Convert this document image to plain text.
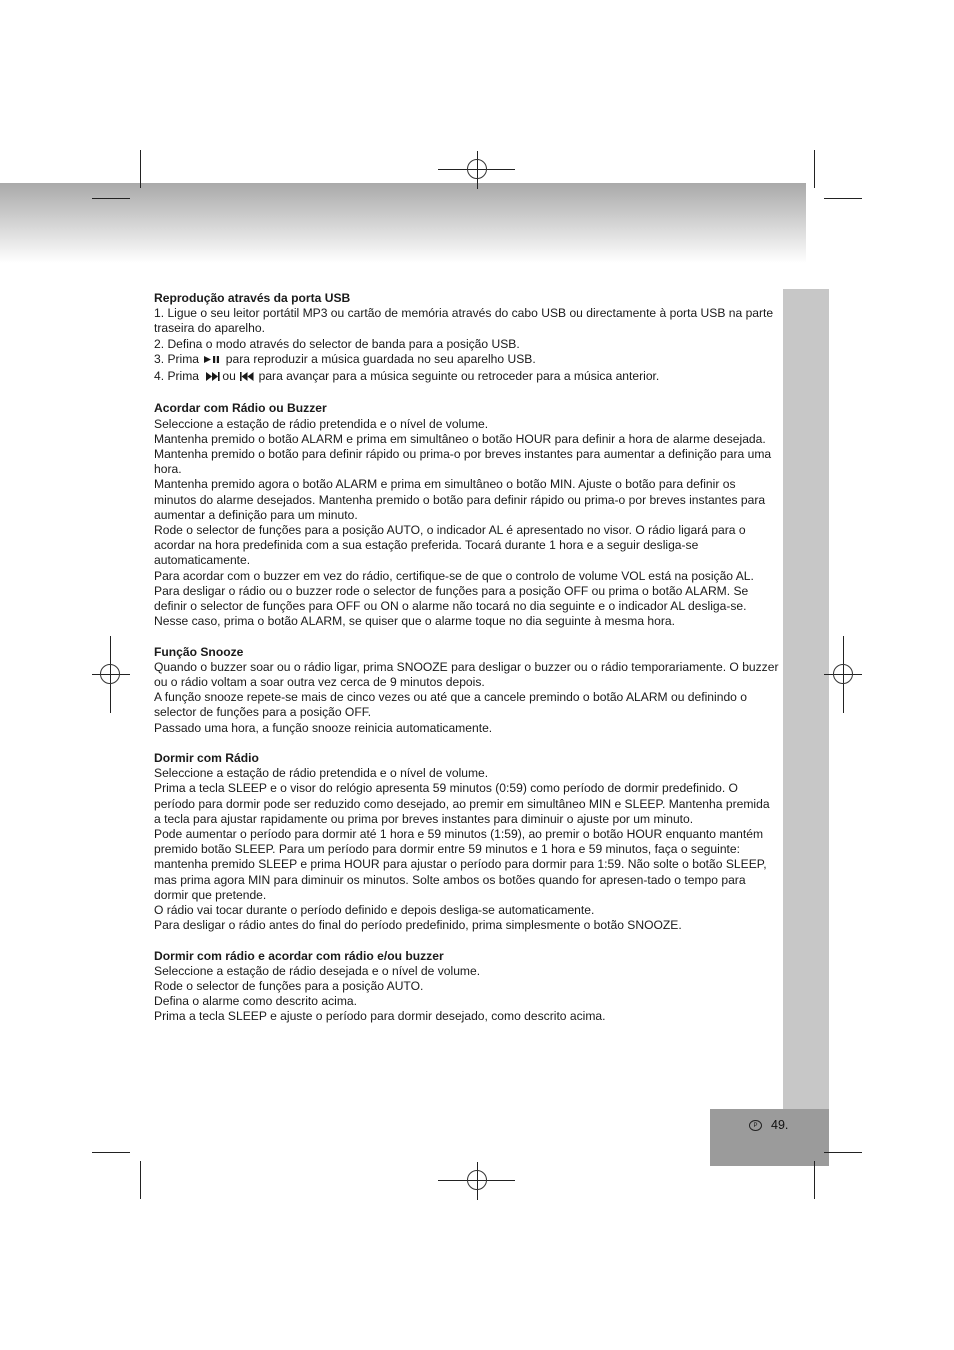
Reprodução através da porta USB

1. Ligue o seu leitor portátil MP3 ou cartão de memória através do cabo USB ou directamente à porta USB na parte traseira do aparelho.

2. Defina o modo através do selector de banda para a posição USB.

3. Prima para reproduzir a música guardada no seu aparelho USB.

4. Prima ou para avançar para a música seguinte ou retroceder para a música anterior.

Acordar com Rádio ou Buzzer

Seleccione a estação de rádio pretendida e o nível de volume.

Mantenha premido o botão ALARM e prima em simultâneo o botão HOUR para definir a hora de alarme desejada. Mantenha premido o botão para definir rápido ou prima-o por breves instantes para aumentar a definição para uma hora.

Mantenha premido agora o botão ALARM e prima em simultâneo o botão MIN. Ajuste o botão para definir os minutos do alarme desejados. Mantenha premido o botão para definir rápido ou prima-o por breves instantes para aumentar a definição para um minuto.

Rode o selector de funções para a posição AUTO, o indicador AL é apresentado no visor. O rádio ligará para o acordar na hora predefinida com a sua estação preferida. Tocará durante 1 hora e a seguir desliga-se automaticamente.

Para acordar com o buzzer em vez do rádio, certifique-se de que o controlo de volume VOL está na posição AL.

Para desligar o rádio ou o buzzer rode o selector de funções para a posição OFF ou prima o botão ALARM. Se definir o selector de funções para OFF ou ON o alarme não tocará no dia seguinte e o indicador AL desliga-se. Nesse caso, prima o botão ALARM, se quiser que o alarme toque no dia seguinte à mesma hora.

Função Snooze

Quando o buzzer soar ou o rádio ligar, prima SNOOZE para desligar o buzzer ou o rádio temporariamente. O buzzer ou o rádio voltam a soar outra vez cerca de 9 minutos depois.

A função snooze repete-se mais de cinco vezes ou até que a cancele premindo o botão ALARM ou definindo o selector de funções para a posição OFF.

Passado uma hora, a função snooze reinicia automaticamente.

Dormir com Rádio

Seleccione a estação de rádio pretendida e o nível de volume.

Prima a tecla SLEEP e o visor do relógio apresenta 59 minutos (0:59) como período de dormir predefinido. O período para dormir pode ser reduzido como desejado, ao premir em simultâneo MIN e SLEEP. Mantenha premida a tecla para ajustar rapidamente ou prima por breves instantes para diminuir o ajuste por um minuto.

Pode aumentar o período para dormir até 1 hora e 59 minutos (1:59), ao premir o botão HOUR enquanto mantém premido botão SLEEP. Para um período para dormir entre 59 minutos e 1 hora e 59 minutos, faça o seguinte: mantenha premido SLEEP e prima HOUR para ajustar o período para dormir para 1:59. Não solte o botão SLEEP, mas prima agora MIN para diminuir os minutos. Solte ambos os botões quando for apresen-tado o tempo para dormir que pretende.

O rádio vai tocar durante o período definido e depois desliga-se automaticamente.

Para desligar o rádio antes do final do período predefinido, prima simplesmente o botão SNOOZE.

Dormir com rádio e acordar com rádio e/ou buzzer

Seleccione a estação de rádio desejada e o nível de volume.

Rode o selector de funções para a posição AUTO.

Defina o alarme como descrito acima.

Prima a tecla SLEEP e ajuste o período para dormir desejado, como descrito acima.

P	49.
